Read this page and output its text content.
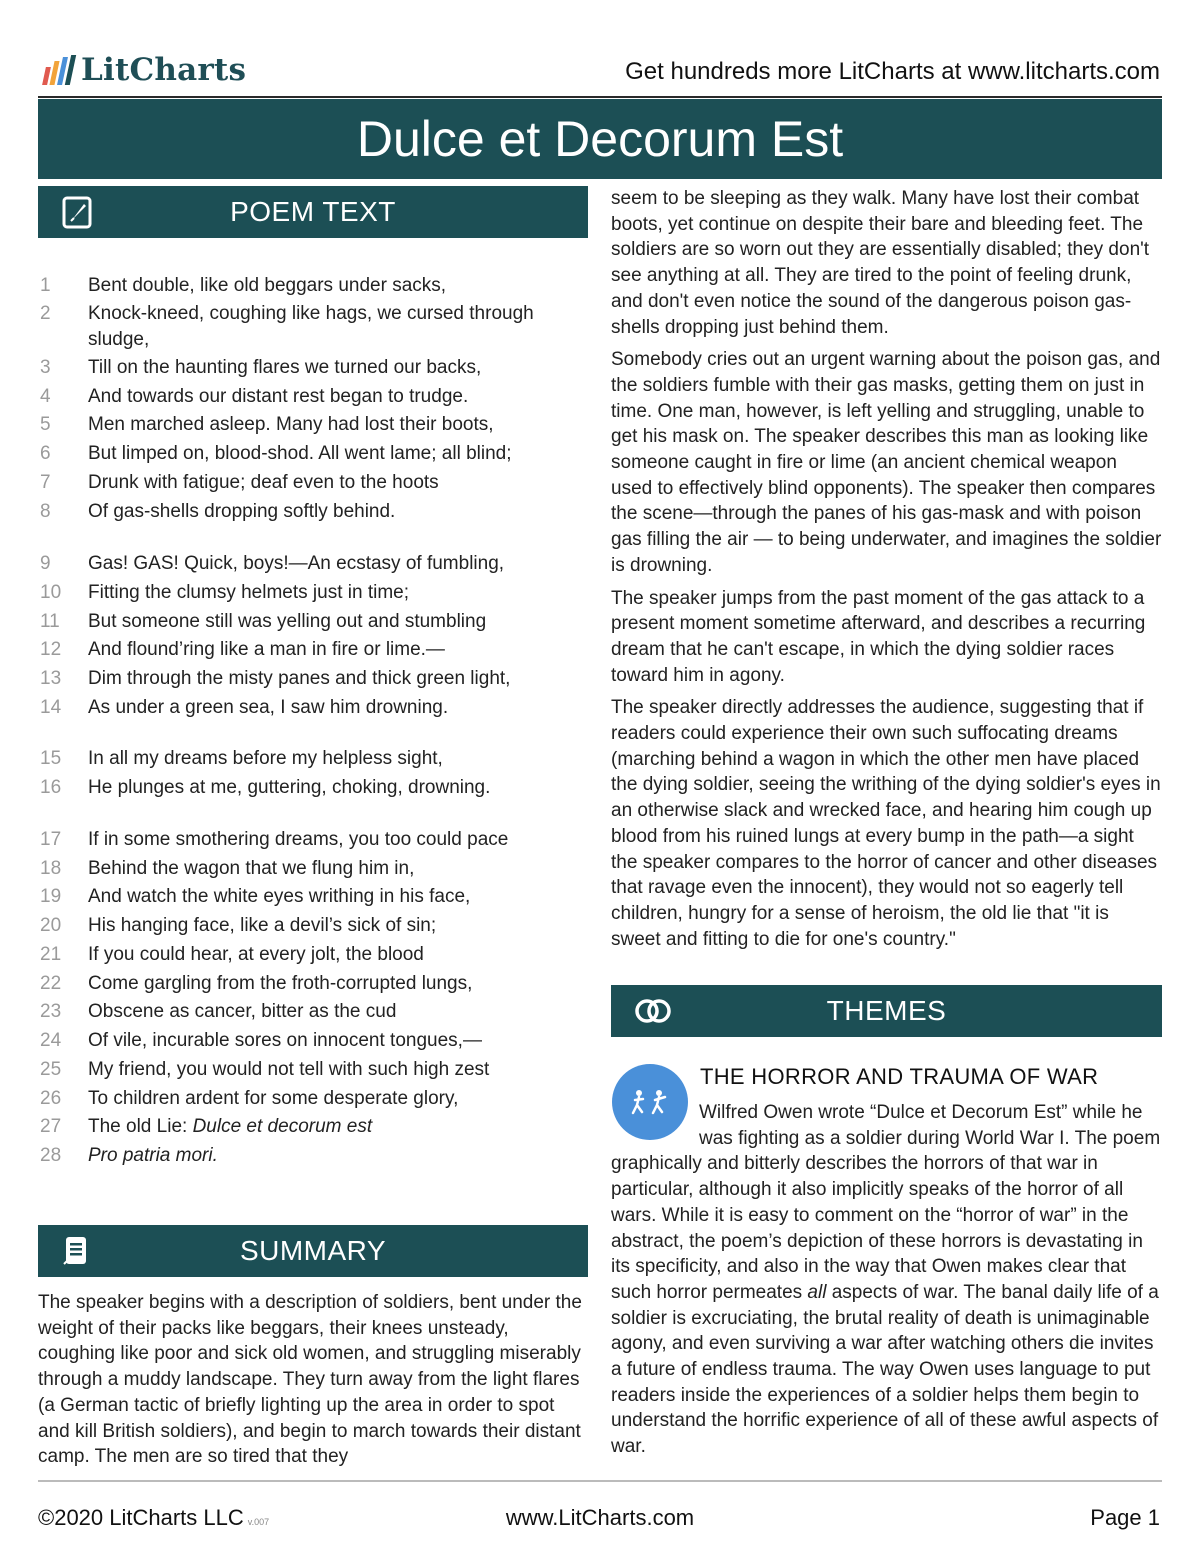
LitCharts	Get hundreds more LitCharts at www.litcharts.com
Dulce et Decorum Est
POEM TEXT
1	Bent double, like old beggars under sacks,
2	Knock-kneed, coughing like hags, we cursed through sludge,
3	Till on the haunting flares we turned our backs,
4	And towards our distant rest began to trudge.
5	Men marched asleep. Many had lost their boots,
6	But limped on, blood-shod. All went lame; all blind;
7	Drunk with fatigue; deaf even to the hoots
8	Of gas-shells dropping softly behind.
9	Gas! GAS! Quick, boys!—An ecstasy of fumbling,
10	Fitting the clumsy helmets just in time;
11	But someone still was yelling out and stumbling
12	And flound’ring like a man in fire or lime.—
13	Dim through the misty panes and thick green light,
14	As under a green sea, I saw him drowning.
15	In all my dreams before my helpless sight,
16	He plunges at me, guttering, choking, drowning.
17	If in some smothering dreams, you too could pace
18	Behind the wagon that we flung him in,
19	And watch the white eyes writhing in his face,
20	His hanging face, like a devil’s sick of sin;
21	If you could hear, at every jolt, the blood
22	Come gargling from the froth-corrupted lungs,
23	Obscene as cancer, bitter as the cud
24	Of vile, incurable sores on innocent tongues,—
25	My friend, you would not tell with such high zest
26	To children ardent for some desperate glory,
27	The old Lie: Dulce et decorum est
28	Pro patria mori.
SUMMARY

The speaker begins with a description of soldiers, bent under the weight of their packs like beggars, their knees unsteady, coughing like poor and sick old women, and struggling miserably through a muddy landscape. They turn away from the light flares (a German tactic of briefly lighting up the area in order to spot and kill British soldiers), and begin to march towards their distant camp. The men are so tired that they

seem to be sleeping as they walk. Many have lost their combat boots, yet continue on despite their bare and bleeding feet. The soldiers are so worn out they are essentially disabled; they don't see anything at all. They are tired to the point of feeling drunk, and don't even notice the sound of the dangerous poison gas-shells dropping just behind them.

Somebody cries out an urgent warning about the poison gas, and the soldiers fumble with their gas masks, getting them on just in time. One man, however, is left yelling and struggling, unable to get his mask on. The speaker describes this man as looking like someone caught in fire or lime (an ancient chemical weapon used to effectively blind opponents). The speaker then compares the scene—through the panes of his gas-mask and with poison gas filling the air — to being underwater, and imagines the soldier is drowning.

The speaker jumps from the past moment of the gas attack to a present moment sometime afterward, and describes a recurring dream that he can't escape, in which the dying soldier races toward him in agony.

The speaker directly addresses the audience, suggesting that if readers could experience their own such suffocating dreams (marching behind a wagon in which the other men have placed the dying soldier, seeing the writhing of the dying soldier's eyes in an otherwise slack and wrecked face, and hearing him cough up blood from his ruined lungs at every bump in the path—a sight the speaker compares to the horror of cancer and other diseases that ravage even the innocent), they would not so eagerly tell children, hungry for a sense of heroism, the old lie that "it is sweet and fitting to die for one's country."

THEMES
THE HORROR AND TRAUMA OF WAR
Wilfred Owen wrote “Dulce et Decorum Est” while he was fighting as a soldier during World War I. The poem graphically and bitterly describes the horrors of that war in particular, although it also implicitly speaks of the horror of all wars. While it is easy to comment on the “horror of war” in the abstract, the poem’s depiction of these horrors is devastating in its specificity, and also in the way that Owen makes clear that such horror permeates all aspects of war. The banal daily life of a soldier is excruciating, the brutal reality of death is unimaginable agony, and even surviving a war after watching others die invites a future of endless trauma. The way Owen uses language to put readers inside the experiences of a soldier helps them begin to understand the horrific experience of all of these awful aspects of war.
©2020 LitCharts LLC v.007	www.LitCharts.com	Page 1
